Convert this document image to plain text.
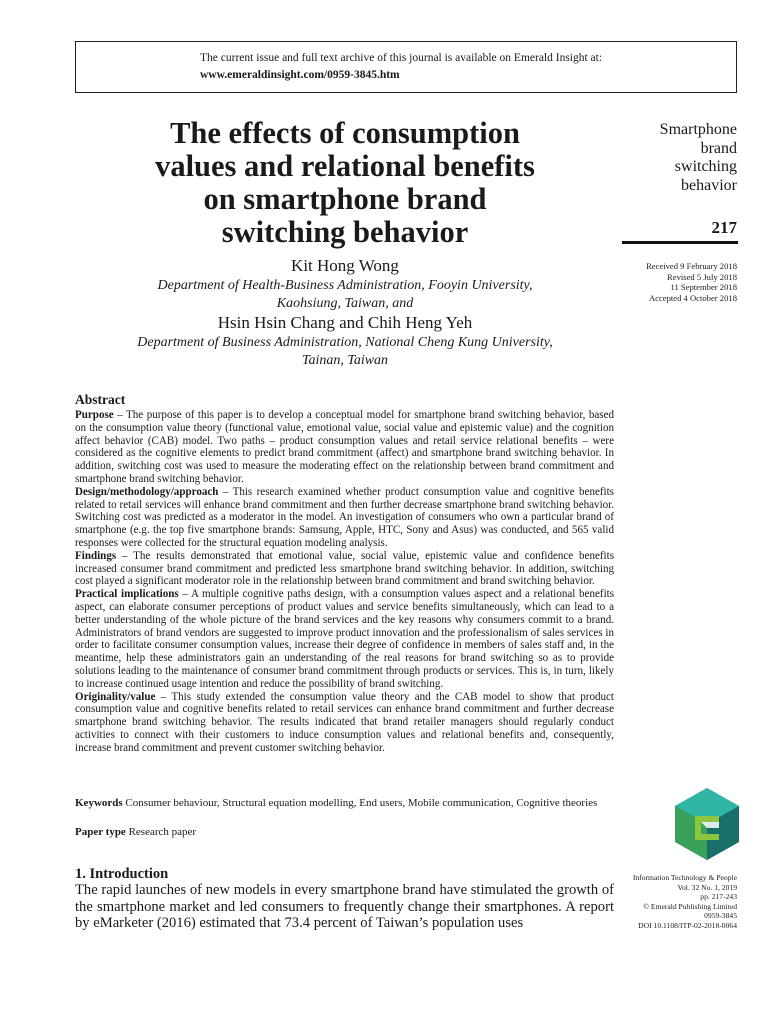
The current issue and full text archive of this journal is available on Emerald Insight at:
www.emeraldinsight.com/0959-3845.htm
The effects of consumption
values and relational benefits
on smartphone brand
switching behavior
Kit Hong Wong
Department of Health-Business Administration, Fooyin University,
Kaohsiung, Taiwan, and
Hsin Hsin Chang and Chih Heng Yeh
Department of Business Administration, National Cheng Kung University,
Tainan, Taiwan
Smartphone
brand
switching
behavior
217
Received 9 February 2018
Revised 5 July 2018
11 September 2018
Accepted 4 October 2018
Abstract

Purpose – The purpose of this paper is to develop a conceptual model for smartphone brand switching behavior, based on the consumption value theory (functional value, emotional value, social value and epistemic value) and the cognition affect behavior (CAB) model. Two paths – product consumption values and retail service relational benefits – were considered as the cognitive elements to predict brand commitment (affect) and smartphone brand switching behavior. In addition, switching cost was used to measure the moderating effect on the relationship between brand commitment and smartphone brand switching behavior.

Design/methodology/approach – This research examined whether product consumption value and cognitive benefits related to retail services will enhance brand commitment and then further decrease smartphone brand switching behavior. Switching cost was predicted as a moderator in the model. An investigation of consumers who own a particular brand of smartphone (e.g. the top five smartphone brands: Samsung, Apple, HTC, Sony and Asus) was conducted, and 565 valid responses were collected for the structural equation modeling analysis.

Findings – The results demonstrated that emotional value, social value, epistemic value and confidence benefits increased consumer brand commitment and predicted less smartphone brand switching behavior. In addition, switching cost played a significant moderator role in the relationship between brand commitment and brand switching behavior.

Practical implications – A multiple cognitive paths design, with a consumption values aspect and a relational benefits aspect, can elaborate consumer perceptions of product values and service benefits simultaneously, which can lead to a better understanding of the whole picture of the brand services and the key reasons why consumers commit to a brand. Administrators of brand vendors are suggested to improve product innovation and the professionalism of sales services in order to facilitate consumer consumption values, increase their degree of confidence in members of sales staff and, in the meantime, help these administrators gain an understanding of the real reasons for brand switching so as to provide solutions leading to the maintenance of consumer brand commitment through products or services. This is, in turn, likely to increase continued usage intention and reduce the possibility of brand switching.

Originality/value – This study extended the consumption value theory and the CAB model to show that product consumption value and cognitive benefits related to retail services can enhance brand commitment and further decrease smartphone brand switching behavior. The results indicated that brand retailer managers should regularly conduct activities to connect with their customers to induce consumption values and relational benefits and, consequently, increase brand commitment and prevent customer switching behavior.

Keywords Consumer behaviour, Structural equation modelling, End users, Mobile communication, Cognitive theories
Paper type Research paper
1. Introduction
The rapid launches of new models in every smartphone brand have stimulated the growth of the smartphone market and led consumers to frequently change their smartphones. A report by eMarketer (2016) estimated that 73.4 percent of Taiwan’s population uses
Information Technology & People
Vol. 32 No. 1, 2019
pp. 217-243
© Emerald Publishing Limited
0959-3845
DOI 10.1108/ITP-02-2018-0064
